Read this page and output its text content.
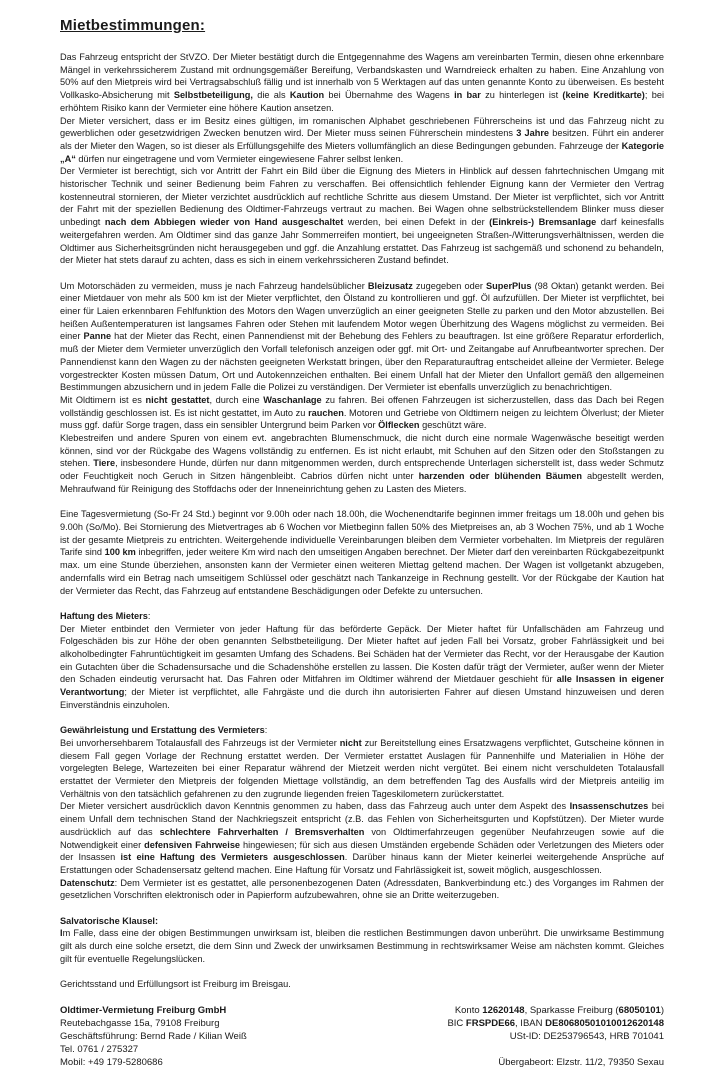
Mietbestimmungen:

Das Fahrzeug entspricht der StVZO. Der Mieter bestätigt durch die Entgegennahme des Wagens am vereinbarten Termin, diesen ohne erkennbare Mängel in verkehrssicherem Zustand mit ordnungsgemäßer Bereifung, Verbandskasten und Warndreieck erhalten zu haben. Eine Anzahlung von 50% auf den Mietpreis wird bei Vertragsabschluß fällig und ist innerhalb von 5 Werktagen auf das unten genannte Konto zu überweisen. Es besteht Vollkasko-Absicherung mit Selbstbeteiligung, die als Kaution bei Übernahme des Wagens in bar zu hinterlegen ist (keine Kreditkarte); bei erhöhtem Risiko kann der Vermieter eine höhere Kaution ansetzen.

Der Mieter versichert, dass er im Besitz eines gültigen, im romanischen Alphabet geschriebenen Führerscheins ist und das Fahrzeug nicht zu gewerblichen oder gesetzwidrigen Zwecken benutzen wird. Der Mieter muss seinen Führerschein mindestens 3 Jahre besitzen. Führt ein anderer als der Mieter den Wagen, so ist dieser als Erfüllungsgehilfe des Mieters vollumfänglich an diese Bedingungen gebunden. Fahrzeuge der Kategorie „A“ dürfen nur eingetragene und vom Vermieter eingewiesene Fahrer selbst lenken.

Der Vermieter ist berechtigt, sich vor Antritt der Fahrt ein Bild über die Eignung des Mieters in Hinblick auf dessen fahrtechnischen Umgang mit historischer Technik und seiner Bedienung beim Fahren zu verschaffen. Bei offensichtlich fehlender Eignung kann der Vermieter den Vertrag kostenneutral stornieren, der Mieter verzichtet ausdrücklich auf rechtliche Schritte aus diesem Umstand. Der Mieter ist verpflichtet, sich vor Antritt der Fahrt mit der speziellen Bedienung des Oldtimer-Fahrzeugs vertraut zu machen. Bei Wagen ohne selbstrückstellendem Blinker muss dieser unbedingt nach dem Abbiegen wieder von Hand ausgeschaltet werden, bei einen Defekt in der (Einkreis-) Bremsanlage darf keinesfalls weitergefahren werden. Am Oldtimer sind das ganze Jahr Sommerreifen montiert, bei ungeeigneten Straßen-/Witterungsverhältnissen, werden die Oldtimer aus Sicherheitsgründen nicht herausgegeben und ggf. die Anzahlung erstattet. Das Fahrzeug ist sachgemäß und schonend zu behandeln, der Mieter hat stets darauf zu achten, dass es sich in einem verkehrssicheren Zustand befindet.

Um Motorschäden zu vermeiden, muss je nach Fahrzeug handelsüblicher Bleizusatz zugegeben oder SuperPlus (98 Oktan) getankt werden. Bei einer Mietdauer von mehr als 500 km ist der Mieter verpflichtet, den Ölstand zu kontrollieren und ggf. Öl aufzufüllen. Der Mieter ist verpflichtet, bei einer für Laien erkennbaren Fehlfunktion des Motors den Wagen unverzüglich an einer geeigneten Stelle zu parken und den Motor abzustellen. Bei heißen Außentemperaturen ist langsames Fahren oder Stehen mit laufendem Motor wegen Überhitzung des Wagens möglichst zu vermeiden. Bei einer Panne hat der Mieter das Recht, einen Pannendienst mit der Behebung des Fehlers zu beauftragen. Ist eine größere Reparatur erforderlich, muß der Mieter dem Vermieter unverzüglich den Vorfall telefonisch anzeigen oder ggf. mit Ort- und Zeitangabe auf Anrufbeantworter sprechen. Der Pannendienst kann den Wagen zu der nächsten geeigneten Werkstatt bringen, über den Reparaturauftrag entscheidet alleine der Vermieter. Belege vorgestreckter Kosten müssen Datum, Ort und Autokennzeichen enthalten. Bei einem Unfall hat der Mieter den Unfallort gemäß den allgemeinen Bestimmungen abzusichern und in jedem Falle die Polizei zu verständigen. Der Vermieter ist ebenfalls unverzüglich zu benachrichtigen.

Mit Oldtimern ist es nicht gestattet, durch eine Waschanlage zu fahren. Bei offenen Fahrzeugen ist sicherzustellen, dass das Dach bei Regen vollständig geschlossen ist. Es ist nicht gestattet, im Auto zu rauchen. Motoren und Getriebe von Oldtimern neigen zu leichtem Ölverlust; der Mieter muss ggf. dafür Sorge tragen, dass ein sensibler Untergrund beim Parken vor Ölflecken geschützt wäre.

Klebestreifen und andere Spuren von einem evt. angebrachten Blumenschmuck, die nicht durch eine normale Wagenwäsche beseitigt werden können, sind vor der Rückgabe des Wagens vollständig zu entfernen. Es ist nicht erlaubt, mit Schuhen auf den Sitzen oder den Stoßstangen zu stehen. Tiere, insbesondere Hunde, dürfen nur dann mitgenommen werden, durch entsprechende Unterlagen sicherstellt ist, dass weder Schmutz oder Feuchtigkeit noch Geruch in Sitzen hängenbleibt. Cabrios dürfen nicht unter harzenden oder blühenden Bäumen abgestellt werden, Mehraufwand für Reinigung des Stoffdachs oder der Inneneinrichtung gehen zu Lasten des Mieters.

Eine Tagesvermietung (So-Fr 24 Std.) beginnt vor 9.00h oder nach 18.00h, die Wochenendtarife beginnen immer freitags um 18.00h und gehen bis 9.00h (So/Mo). Bei Stornierung des Mietvertrages ab 6 Wochen vor Mietbeginn fallen 50% des Mietpreises an, ab 3 Wochen 75%, und ab 1 Woche ist der gesamte Mietpreis zu entrichten. Weitergehende individuelle Vereinbarungen bleiben dem Vermieter vorbehalten. Im Mietpreis der regulären Tarife sind 100 km inbegriffen, jeder weitere Km wird nach den umseitigen Angaben berechnet. Der Mieter darf den vereinbarten Rückgabezeitpunkt max. um eine Stunde überziehen, ansonsten kann der Vermieter einen weiteren Miettag geltend machen. Der Wagen ist vollgetankt abzugeben, andernfalls wird ein Betrag nach umseitigem Schlüssel oder geschätzt nach Tankanzeige in Rechnung gestellt. Vor der Rückgabe der Kaution hat der Vermieter das Recht, das Fahrzeug auf entstandene Beschädigungen oder Defekte zu untersuchen.

Haftung des Mieters:

Der Mieter entbindet den Vermieter von jeder Haftung für das beförderte Gepäck. Der Mieter haftet für Unfallschäden am Fahrzeug und Folgeschäden bis zur Höhe der oben genannten Selbstbeteiligung. Der Mieter haftet auf jeden Fall bei Vorsatz, grober Fahrlässigkeit und bei alkoholbedingter Fahruntüchtigkeit im gesamten Umfang des Schadens. Bei Schäden hat der Vermieter das Recht, vor der Herausgabe der Kaution ein Gutachten über die Schadensursache und die Schadenshöhe erstellen zu lassen. Die Kosten dafür trägt der Vermieter, außer wenn der Mieter den Schaden eindeutig verursacht hat. Das Fahren oder Mitfahren im Oldtimer während der Mietdauer geschieht für alle Insassen in eigener Verantwortung; der Mieter ist verpflichtet, alle Fahrgäste und die durch ihn autorisierten Fahrer auf diesen Umstand hinzuweisen und deren Einverständnis einzuholen.

Gewährleistung und Erstattung des Vermieters:

Bei unvorhersehbarem Totalausfall des Fahrzeugs ist der Vermieter nicht zur Bereitstellung eines Ersatzwagens verpflichtet, Gutscheine können in diesem Fall gegen Vorlage der Rechnung erstattet werden. Der Vermieter erstattet Auslagen für Pannenhilfe und Materialien in Höhe der vorgelegten Belege, Wartezeiten bei einer Reparatur während der Mietzeit werden nicht vergütet. Bei einem nicht verschuldeten Totalausfall erstattet der Vermieter den Mietpreis der folgenden Miettage vollständig, an dem betreffenden Tag des Ausfalls wird der Mietpreis anteilig im Verhältnis von den tatsächlich gefahrenen zu den zugrunde liegenden freien Tageskilometern zurückerstattet.

Der Mieter versichert ausdrücklich davon Kenntnis genommen zu haben, dass das Fahrzeug auch unter dem Aspekt des Insassenschutzes bei einem Unfall dem technischen Stand der Nachkriegszeit entspricht (z.B. das Fehlen von Sicherheitsgurten und Kopfstützen). Der Mieter wurde ausdrücklich auf das schlechtere Fahrverhalten / Bremsverhalten von Oldtimerfahrzeugen gegenüber Neufahrzeugen sowie auf die Notwendigkeit einer defensiven Fahrweise hingewiesen; für sich aus diesen Umständen ergebende Schäden oder Verletzungen des Mieters oder der Insassen ist eine Haftung des Vermieters ausgeschlossen. Darüber hinaus kann der Mieter keinerlei weitergehende Ansprüche auf Erstattungen oder Schadensersatz geltend machen. Eine Haftung für Vorsatz und Fahrlässigkeit ist, soweit möglich, ausgeschlossen.

Datenschutz: Dem Vermieter ist es gestattet, alle personenbezogenen Daten (Adressdaten, Bankverbindung etc.) des Vorganges im Rahmen der gesetzlichen Vorschriften elektronisch oder in Papierform aufzubewahren, ohne sie an Dritte weiterzugeben.

Salvatorische Klausel:

Im Falle, dass eine der obigen Bestimmungen unwirksam ist, bleiben die restlichen Bestimmungen davon unberührt. Die unwirksame Bestimmung gilt als durch eine solche ersetzt, die dem Sinn und Zweck der unwirksamen Bestimmung in rechtswirksamer Weise am nächsten kommt. Gleiches gilt für eventuelle Regelungslücken.

Gerichtsstand und Erfüllungsort ist Freiburg im Breisgau.

Oldtimer-Vermietung Freiburg GmbH
Reutebachgasse 15a, 79108 Freiburg
Geschäftsführung: Bernd Rade / Kilian Weiß
Tel. 0761 / 275327
Mobil: +49 179-5280686
Konto 12620148, Sparkasse Freiburg (68050101)
BIC FRSPDE66, IBAN DE80680501010012620148
USt-ID: DE253796543, HRB 701041

Übergabeort: Elzstr. 11/2, 79350 Sexau
